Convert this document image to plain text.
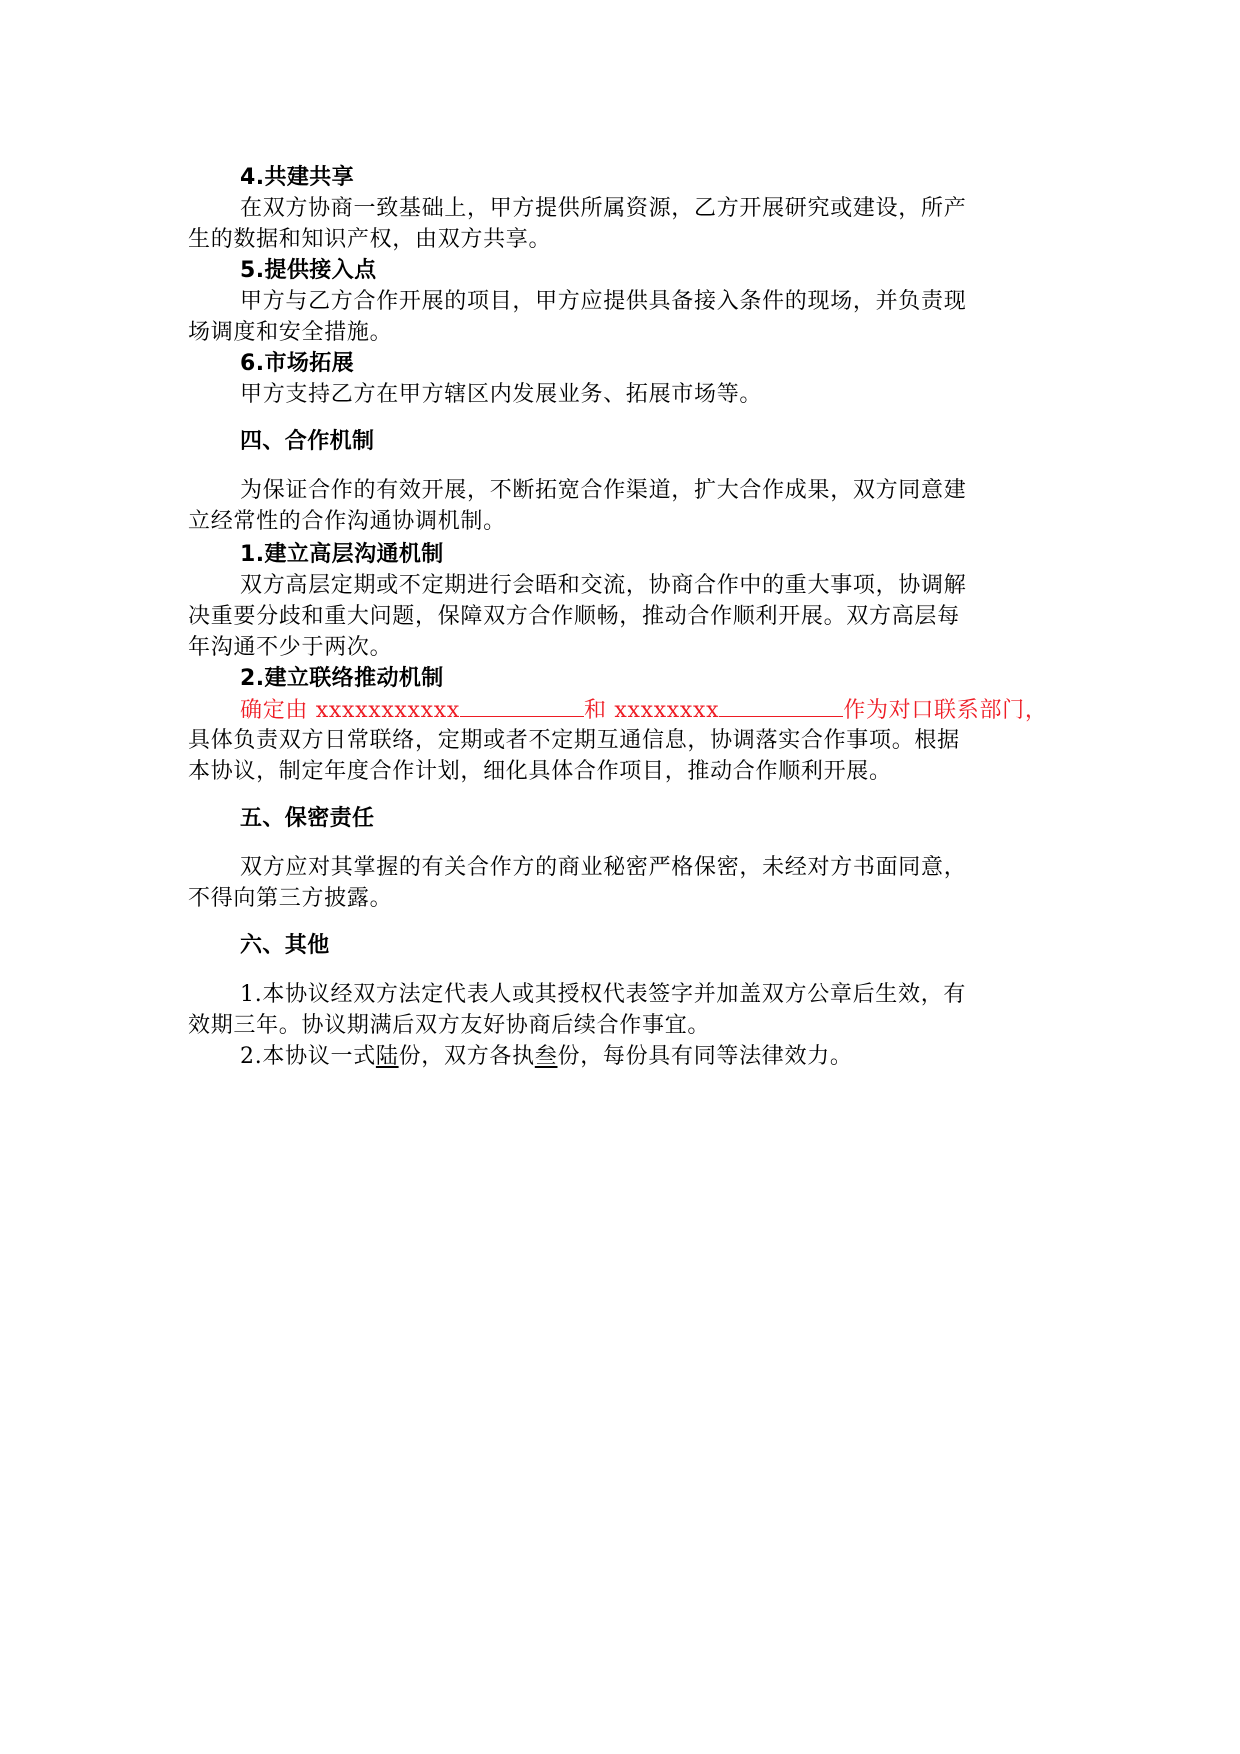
4.共建共享
在双方协商一致基础上，甲方提供所属资源，乙方开展研究或建设，所产
生的数据和知识产权，由双方共享。
5.提供接入点
甲方与乙方合作开展的项目，甲方应提供具备接入条件的现场，并负责现
场调度和安全措施。
6.市场拓展
甲方支持乙方在甲方辖区内发展业务、拓展市场等。
四、合作机制
为保证合作的有效开展，不断拓宽合作渠道，扩大合作成果，双方同意建
立经常性的合作沟通协调机制。
1.建立高层沟通机制
双方高层定期或不定期进行会晤和交流，协商合作中的重大事项，协调解
决重要分歧和重大问题，保障双方合作顺畅，推动合作顺利开展。双方高层每
年沟通不少于两次。
2.建立联络推动机制
确定由 xxxxxxxxxxx	和 xxxxxxxx	作为对口联系部门，
具体负责双方日常联络，定期或者不定期互通信息，协调落实合作事项。根据
本协议，制定年度合作计划，细化具体合作项目，推动合作顺利开展。
五、保密责任
双方应对其掌握的有关合作方的商业秘密严格保密，未经对方书面同意，
不得向第三方披露。
六、其他
1.本协议经双方法定代表人或其授权代表签字并加盖双方公章后生效，有
效期三年。协议期满后双方友好协商后续合作事宜。
2.本协议一式陆份，双方各执叁份，每份具有同等法律效力。
